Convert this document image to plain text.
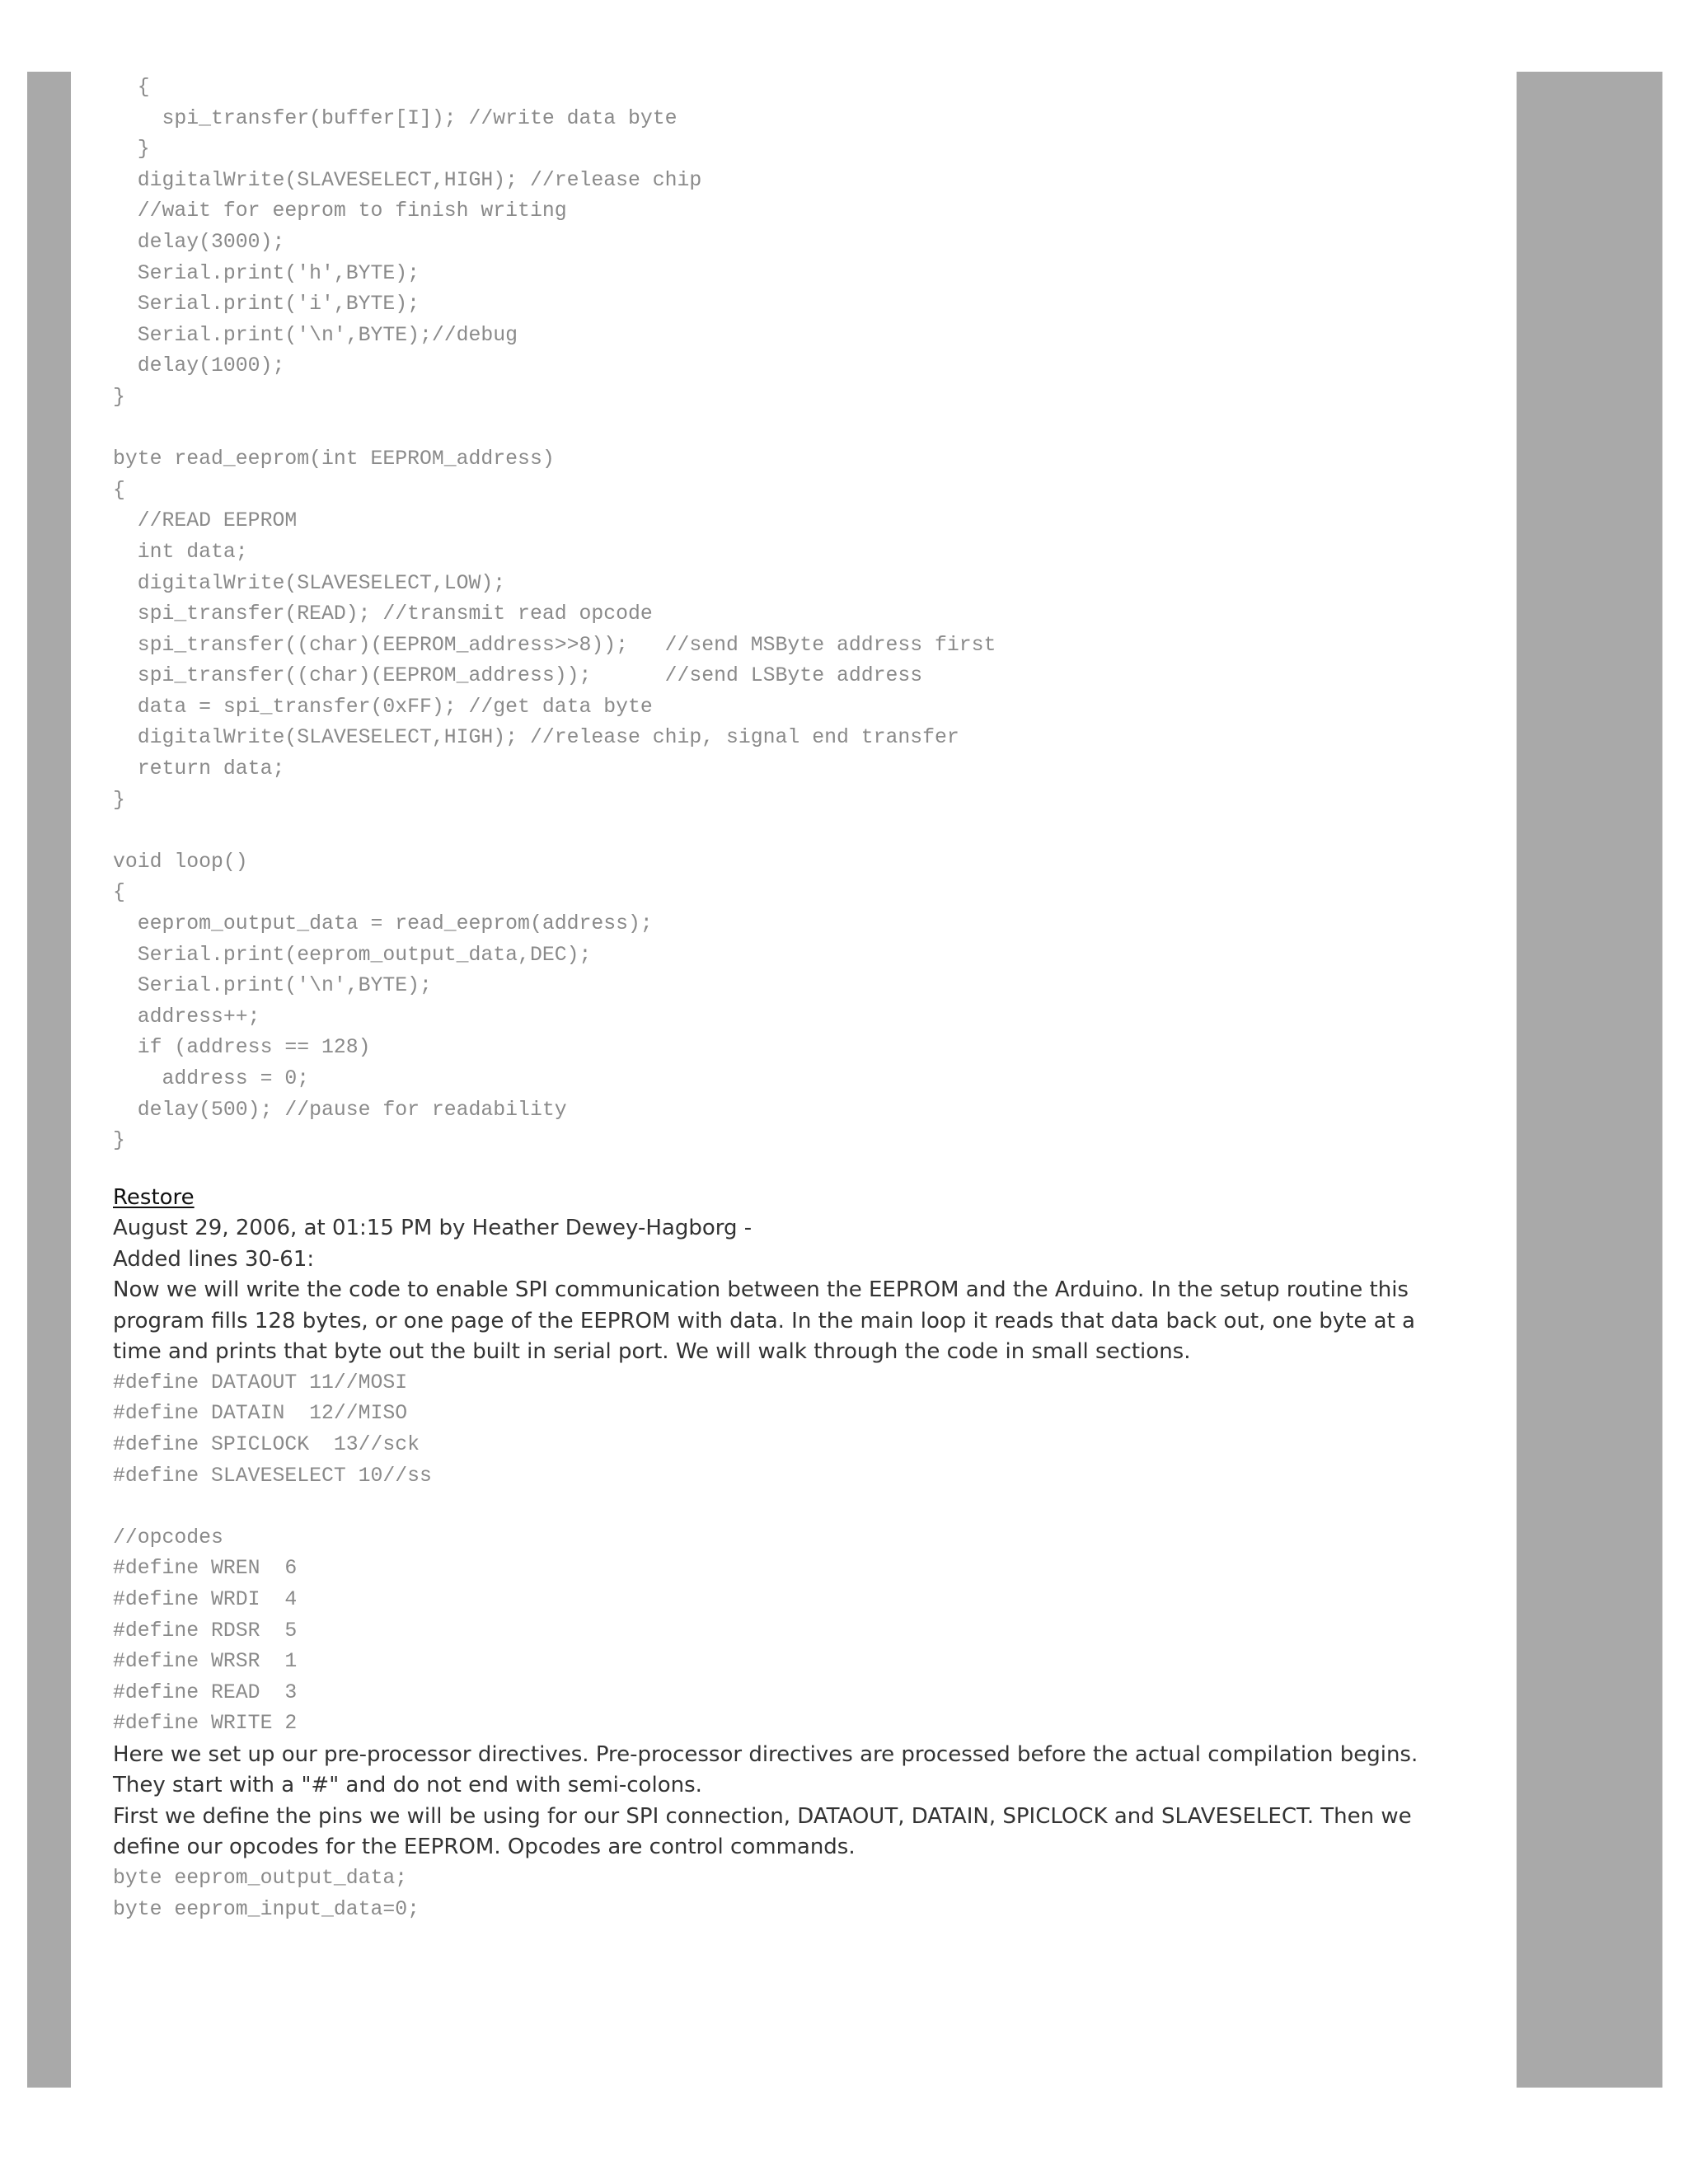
{
spi_transfer(buffer[I]); //write data byte
}
digitalWrite(SLAVESELECT,HIGH); //release chip
//wait for eeprom to finish writing
delay(3000);
Serial.print('h',BYTE);
Serial.print('i',BYTE);
Serial.print('\n',BYTE);//debug
delay(1000);
}

byte read_eeprom(int EEPROM_address)
{
//READ EEPROM
int data;
digitalWrite(SLAVESELECT,LOW);
spi_transfer(READ); //transmit read opcode
spi_transfer((char)(EEPROM_address>>8));   //send MSByte address first
spi_transfer((char)(EEPROM_address));      //send LSByte address
data = spi_transfer(0xFF); //get data byte
digitalWrite(SLAVESELECT,HIGH); //release chip, signal end transfer
return data;
}

void loop()
{
eeprom_output_data = read_eeprom(address);
Serial.print(eeprom_output_data,DEC);
Serial.print('\n',BYTE);
address++;
if (address == 128)
address = 0;
delay(500); //pause for readability
}
Restore
August 29, 2006, at 01:15 PM by Heather Dewey-Hagborg -
Added lines 30-61:

Now we will write the code to enable SPI communication between the EEPROM and the Arduino. In the setup routine this program fills 128 bytes, or one page of the EEPROM with data. In the main loop it reads that data back out, one byte at a time and prints that byte out the built in serial port. We will walk through the code in small sections.

#define DATAOUT 11//MOSI
#define DATAIN  12//MISO
#define SPICLOCK  13//sck
#define SLAVESELECT 10//ss

//opcodes
#define WREN  6
#define WRDI  4
#define RDSR  5
#define WRSR  1
#define READ  3
#define WRITE 2

Here we set up our pre-processor directives. Pre-processor directives are processed before the actual compilation begins. They start with a "#" and do not end with semi-colons.

First we define the pins we will be using for our SPI connection, DATAOUT, DATAIN, SPICLOCK and SLAVESELECT. Then we define our opcodes for the EEPROM. Opcodes are control commands.

byte eeprom_output_data;
byte eeprom_input_data=0;
